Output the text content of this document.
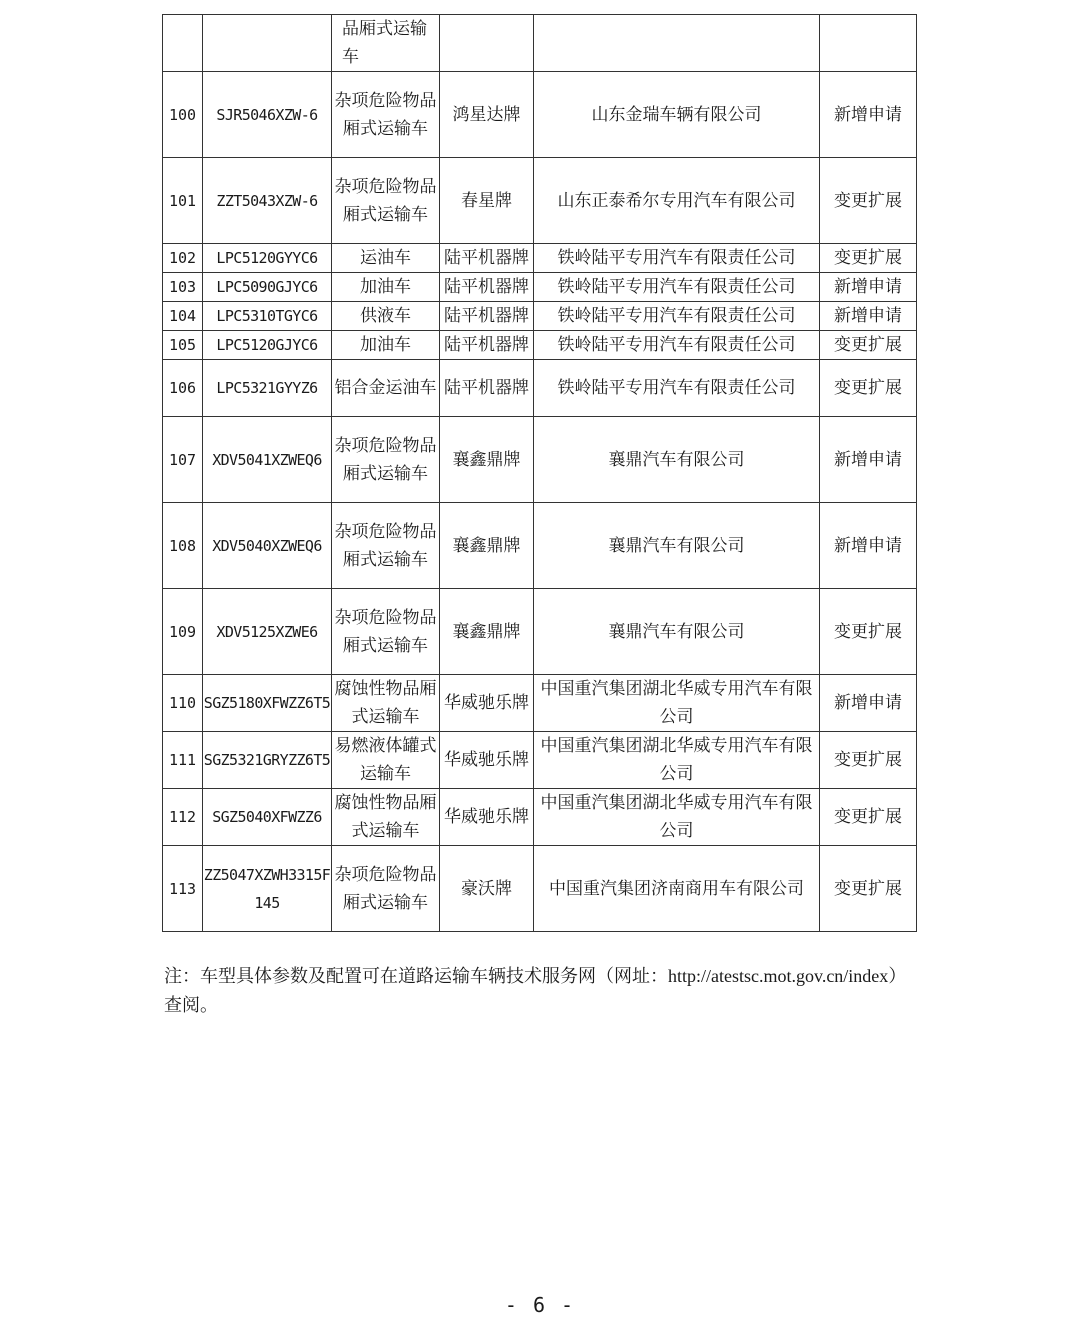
		品厢式运输车			
100	SJR5046XZW-6	杂项危险物品厢式运输车	鸿星达牌	山东金瑞车辆有限公司	新增申请
101	ZZT5043XZW-6	杂项危险物品厢式运输车	春星牌	山东正泰希尔专用汽车有限公司	变更扩展
102	LPC5120GYYC6	运油车	陆平机器牌	铁岭陆平专用汽车有限责任公司	变更扩展
103	LPC5090GJYC6	加油车	陆平机器牌	铁岭陆平专用汽车有限责任公司	新增申请
104	LPC5310TGYC6	供液车	陆平机器牌	铁岭陆平专用汽车有限责任公司	新增申请
105	LPC5120GJYC6	加油车	陆平机器牌	铁岭陆平专用汽车有限责任公司	变更扩展
106	LPC5321GYYZ6	铝合金运油车	陆平机器牌	铁岭陆平专用汽车有限责任公司	变更扩展
107	XDV5041XZWEQ6	杂项危险物品厢式运输车	襄鑫鼎牌	襄鼎汽车有限公司	新增申请
108	XDV5040XZWEQ6	杂项危险物品厢式运输车	襄鑫鼎牌	襄鼎汽车有限公司	新增申请
109	XDV5125XZWE6	杂项危险物品厢式运输车	襄鑫鼎牌	襄鼎汽车有限公司	变更扩展
110	SGZ5180XFWZZ6T5	腐蚀性物品厢式运输车	华威驰乐牌	中国重汽集团湖北华威专用汽车有限公司	新增申请
111	SGZ5321GRYZZ6T5	易燃液体罐式运输车	华威驰乐牌	中国重汽集团湖北华威专用汽车有限公司	变更扩展
112	SGZ5040XFWZZ6	腐蚀性物品厢式运输车	华威驰乐牌	中国重汽集团湖北华威专用汽车有限公司	变更扩展
113	ZZ5047XZWH3315F145	杂项危险物品厢式运输车	豪沃牌	中国重汽集团济南商用车有限公司	变更扩展
注：车型具体参数及配置可在道路运输车辆技术服务网（网址：http://atestsc.mot.gov.cn/index）查阅。
- 6 -
